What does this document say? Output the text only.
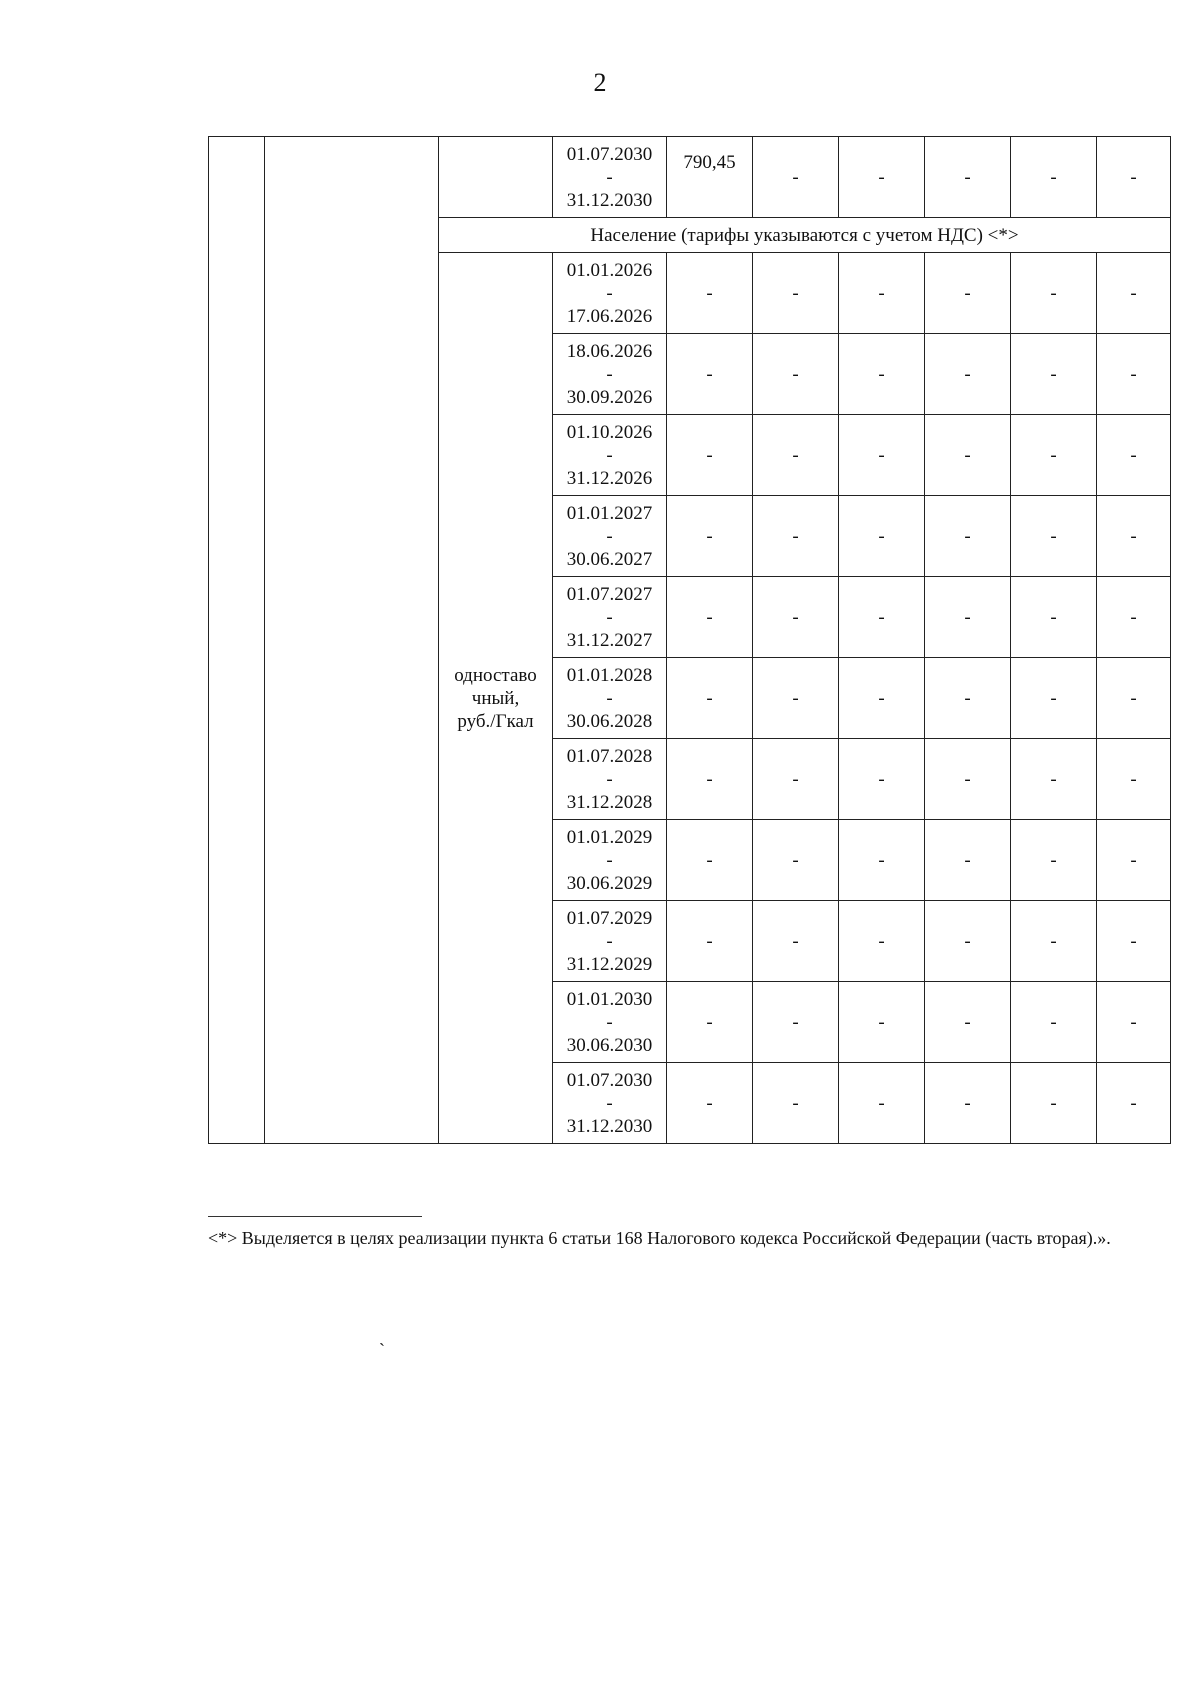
2

			01.07.2030
-
31.12.2030	790,45	-	-	-	-	-
		Население (тарифы указываются с учетом НДС) <*>							

		одноставо
чный,
руб./Гкал	01.01.2026
-
17.06.2026	-	-	-	-	-	-

			18.06.2026
-
30.09.2026	-	-	-	-	-	-

			01.10.2026
-
31.12.2026	-	-	-	-	-	-

			01.01.2027
-
30.06.2027	-	-	-	-	-	-

			01.07.2027
-
31.12.2027	-	-	-	-	-	-

			01.01.2028
-
30.06.2028	-	-	-	-	-	-

			01.07.2028
-
31.12.2028	-	-	-	-	-	-

			01.01.2029
-
30.06.2029	-	-	-	-	-	-

			01.07.2029
-
31.12.2029	-	-	-	-	-	-

			01.01.2030
-
30.06.2030	-	-	-	-	-	-

			01.07.2030
-
31.12.2030	-	-	-	-	-	-
<*> Выделяется в целях реализации пункта 6 статьи 168 Налогового кодекса Российской Федерации (часть вторая).».
`
